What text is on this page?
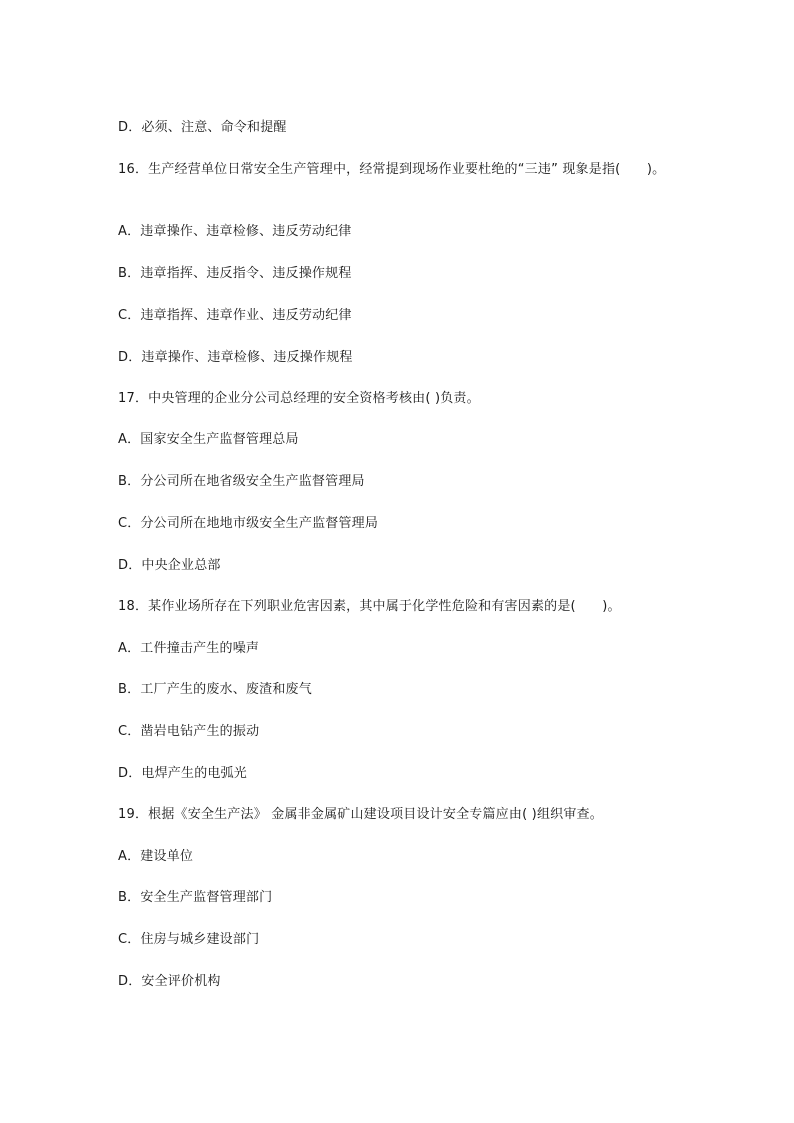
D．必须、注意、命令和提醒
16．生产经营单位日常安全生产管理中，经常提到现场作业要杜绝的“三违” 现象是指(　　)。
A．违章操作、违章检修、违反劳动纪律
B．违章指挥、违反指令、违反操作规程
C．违章指挥、违章作业、违反劳动纪律
D．违章操作、违章检修、违反操作规程
17．中央管理的企业分公司总经理的安全资格考核由( )负责。
A．国家安全生产监督管理总局
B．分公司所在地省级安全生产监督管理局
C．分公司所在地地市级安全生产监督管理局
D．中央企业总部
18．某作业场所存在下列职业危害因素，其中属于化学性危险和有害因素的是(　　)。
A．工件撞击产生的噪声
B．工厂产生的废水、废渣和废气
C．凿岩电钻产生的振动
D．电焊产生的电弧光
19．根据《安全生产法》 金属非金属矿山建设项目设计安全专篇应由( )组织审查。
A．建设单位
B．安全生产监督管理部门
C．住房与城乡建设部门
D．安全评价机构
